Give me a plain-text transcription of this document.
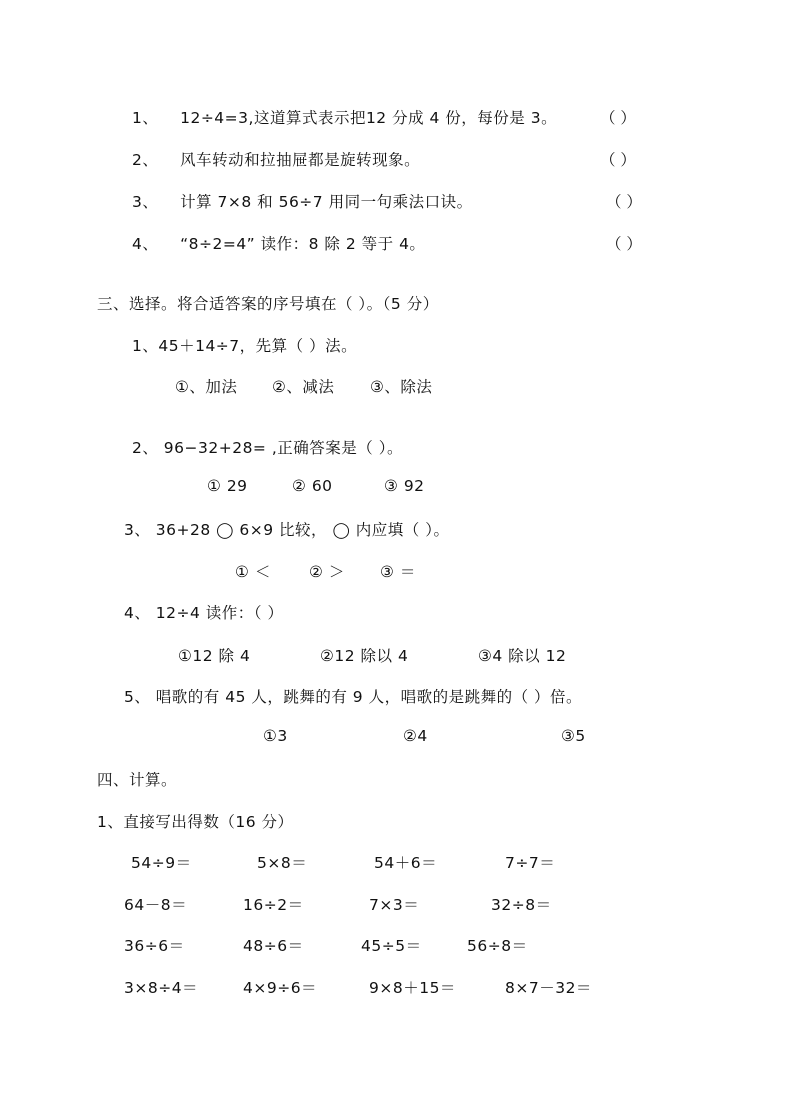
1、 12÷4=3,这道算式表示把12 分成 4 份，每份是 3。	（ ）
2、 风车转动和拉抽屉都是旋转现象。	（ ）
3、 计算 7×8 和 56÷7 用同一句乘法口诀。	（ ）
4、 “8÷2=4” 读作：8 除 2 等于 4。	（ ）
三、选择。将合适答案的序号填在（ ）。（5 分）
1、45＋14÷7，先算（ ）法。
①、加法 ②、减法 ③、除法
2、 96−32+28= ,正确答案是（ ）。
① 29	② 60	③ 92
3、 36+28 ◯ 6×9 比较， ◯ 内应填（ ）。
① ＜ ② ＞ ③ ＝
4、 12÷4 读作：（ ）
①12 除 4	②12 除以 4	③4 除以 12
5、 唱歌的有 45 人，跳舞的有 9 人，唱歌的是跳舞的（ ）倍。
①3	②4	③5
四、计算。
1、直接写出得数（16 分）
54÷9＝	5×8＝	54＋6＝	7÷7＝
64－8＝	16÷2＝	7×3＝	32÷8＝
36÷6＝	48÷6＝	45÷5＝	56÷8＝
3×8÷4＝	4×9÷6＝	9×8＋15＝	8×7－32＝
